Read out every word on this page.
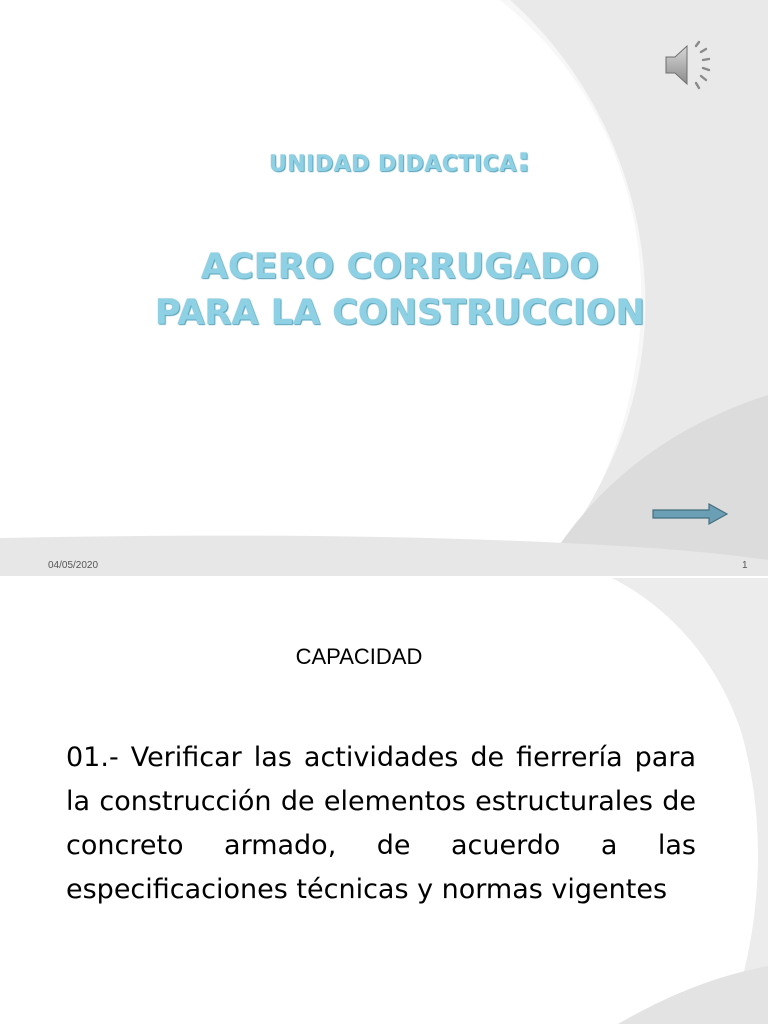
UNIDAD DIDACTICA:
ACERO CORRUGADO
PARA LA CONSTRUCCION
04/05/2020	1
CAPACIDAD
01.- Verificar las actividades de fierrería para la construcción de elementos estructurales de concreto armado, de acuerdo a las especificaciones técnicas y normas vigentes
